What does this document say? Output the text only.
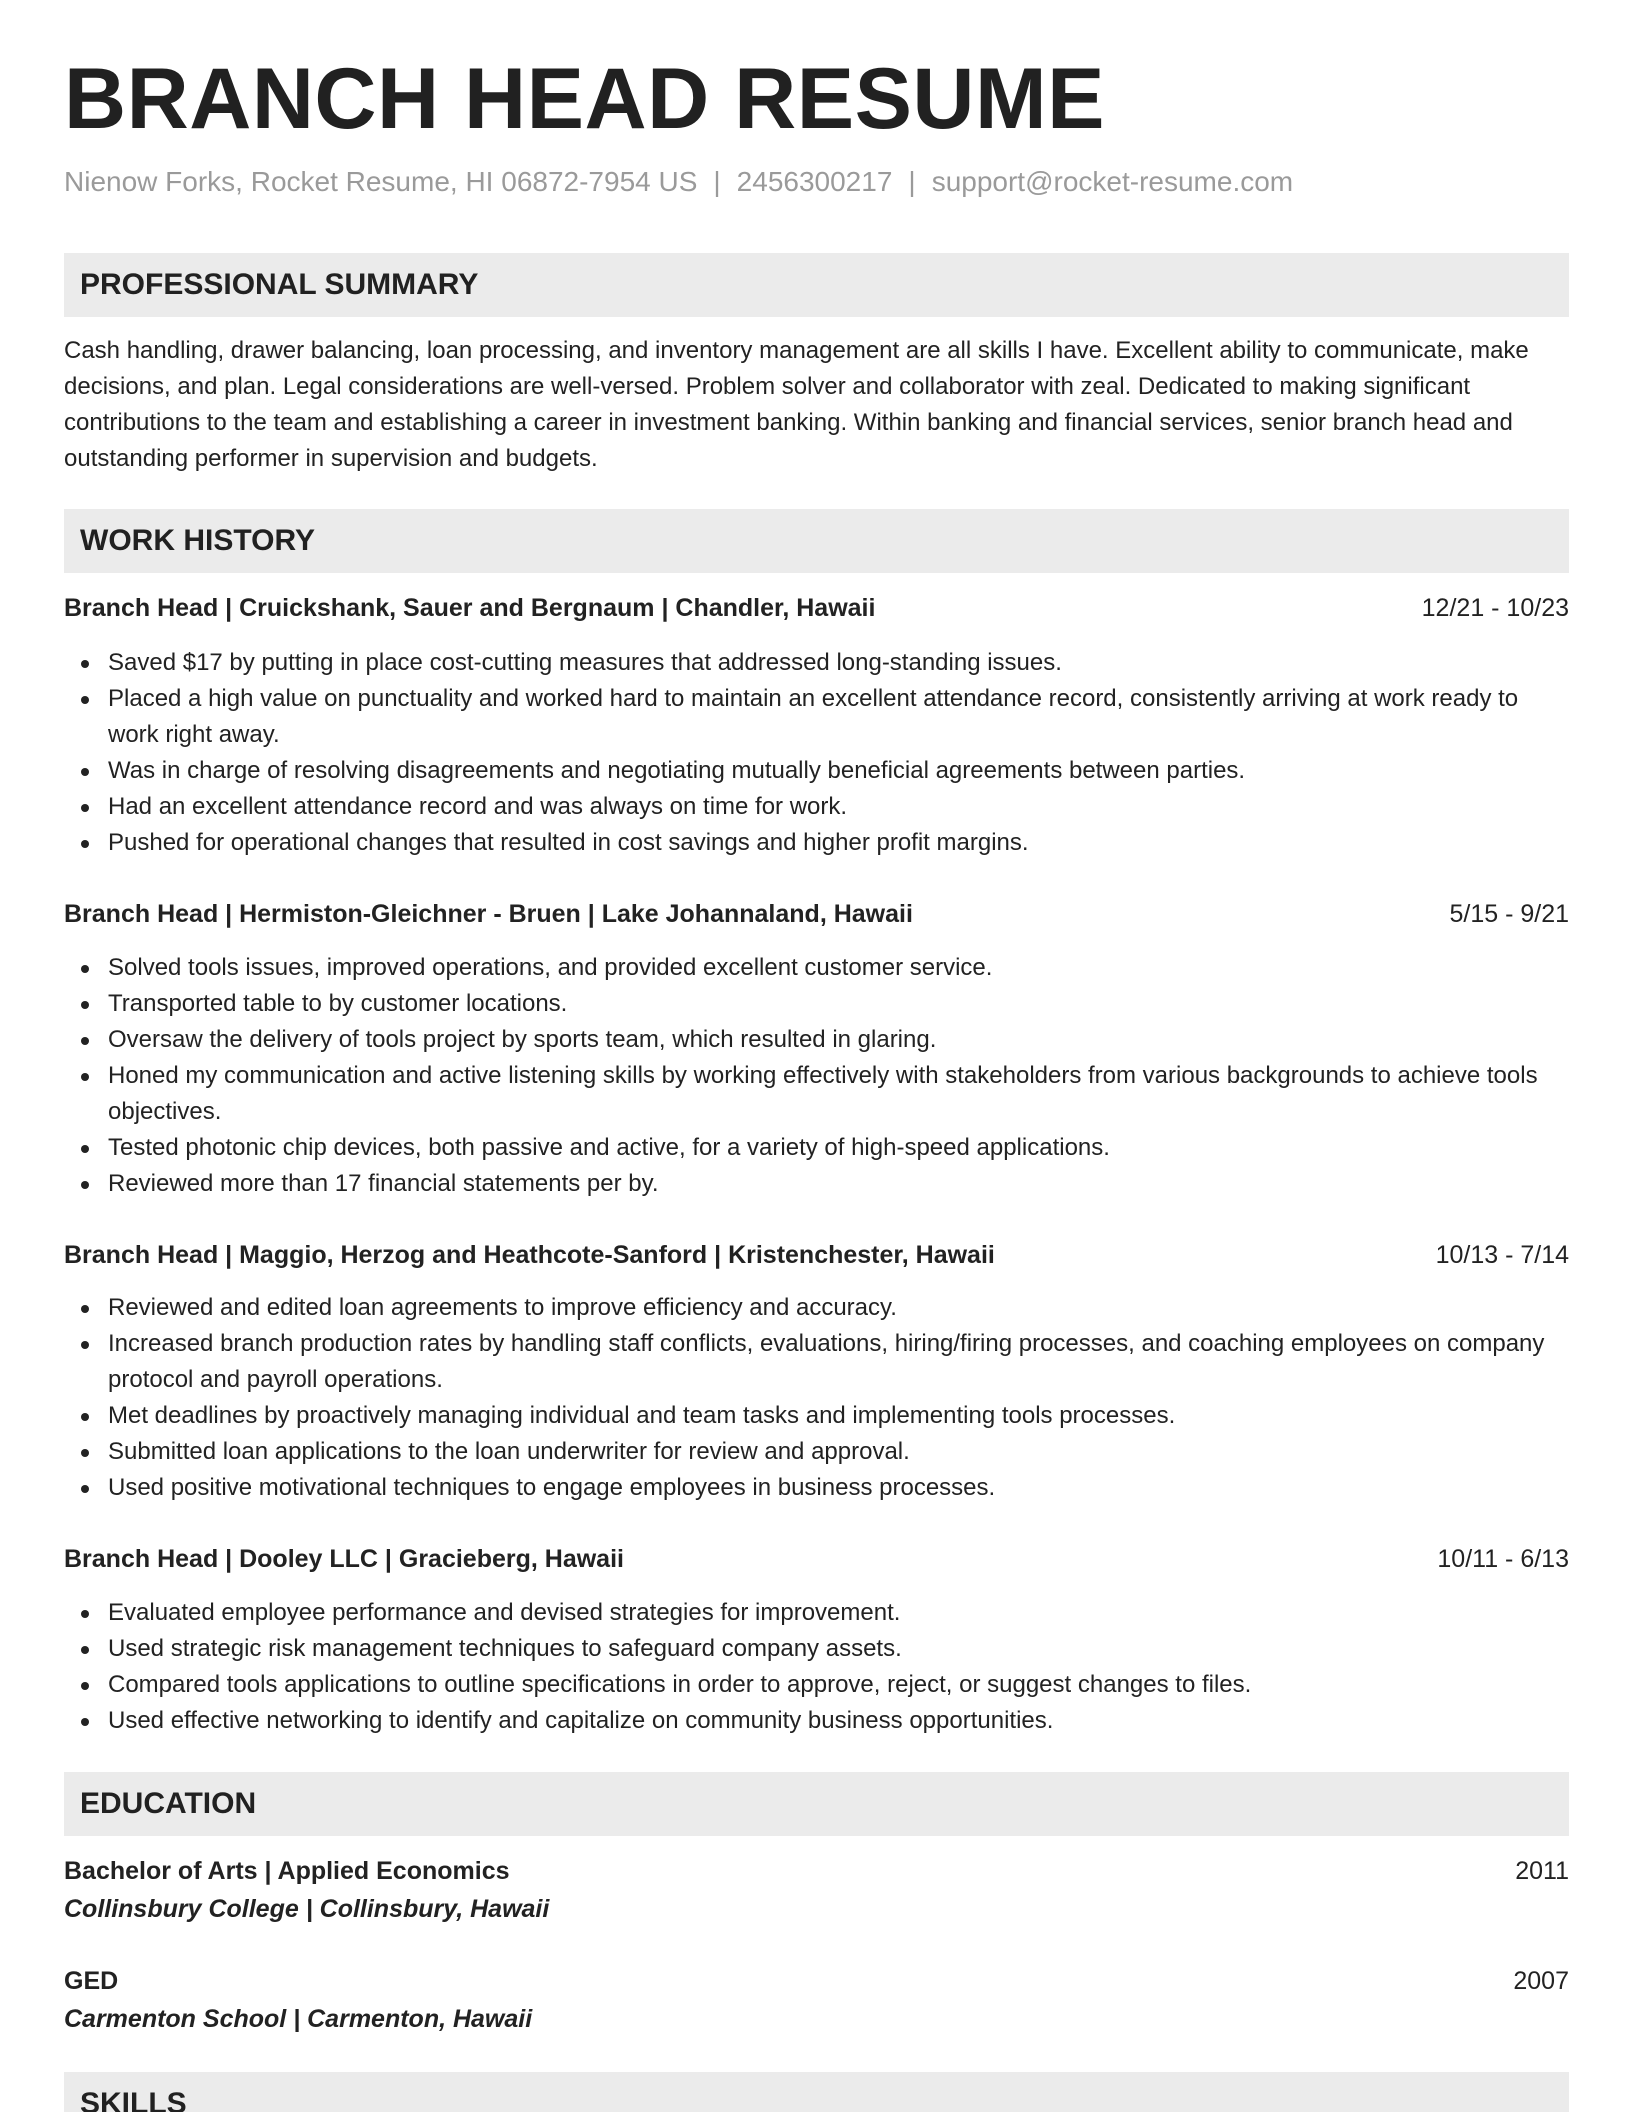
BRANCH HEAD RESUME
Nienow Forks, Rocket Resume, HI 06872-7954 US | 2456300217 | support@rocket-resume.com
PROFESSIONAL SUMMARY

Cash handling, drawer balancing, loan processing, and inventory management are all skills I have. Excellent ability to communicate, make decisions, and plan. Legal considerations are well-versed. Problem solver and collaborator with zeal. Dedicated to making significant contributions to the team and establishing a career in investment banking. Within banking and financial services, senior branch head and outstanding performer in supervision and budgets.

WORK HISTORY
Branch Head | Cruickshank, Sauer and Bergnaum | Chandler, Hawaii	12/21 - 10/23
Saved $17 by putting in place cost-cutting measures that addressed long-standing issues.
Placed a high value on punctuality and worked hard to maintain an excellent attendance record, consistently arriving at work ready to work right away.
Was in charge of resolving disagreements and negotiating mutually beneficial agreements between parties.
Had an excellent attendance record and was always on time for work.
Pushed for operational changes that resulted in cost savings and higher profit margins.
Branch Head | Hermiston-Gleichner - Bruen | Lake Johannaland, Hawaii	5/15 - 9/21
Solved tools issues, improved operations, and provided excellent customer service.
Transported table to by customer locations.
Oversaw the delivery of tools project by sports team, which resulted in glaring.
Honed my communication and active listening skills by working effectively with stakeholders from various backgrounds to achieve tools objectives.
Tested photonic chip devices, both passive and active, for a variety of high-speed applications.
Reviewed more than 17 financial statements per by.
Branch Head | Maggio, Herzog and Heathcote-Sanford | Kristenchester, Hawaii	10/13 - 7/14
Reviewed and edited loan agreements to improve efficiency and accuracy.
Increased branch production rates by handling staff conflicts, evaluations, hiring/firing processes, and coaching employees on company protocol and payroll operations.
Met deadlines by proactively managing individual and team tasks and implementing tools processes.
Submitted loan applications to the loan underwriter for review and approval.
Used positive motivational techniques to engage employees in business processes.
Branch Head | Dooley LLC | Gracieberg, Hawaii	10/11 - 6/13
Evaluated employee performance and devised strategies for improvement.
Used strategic risk management techniques to safeguard company assets.
Compared tools applications to outline specifications in order to approve, reject, or suggest changes to files.
Used effective networking to identify and capitalize on community business opportunities.
EDUCATION
Bachelor of Arts | Applied Economics	2011
Collinsbury College | Collinsbury, Hawaii
GED	2007
Carmenton School | Carmenton, Hawaii
SKILLS
